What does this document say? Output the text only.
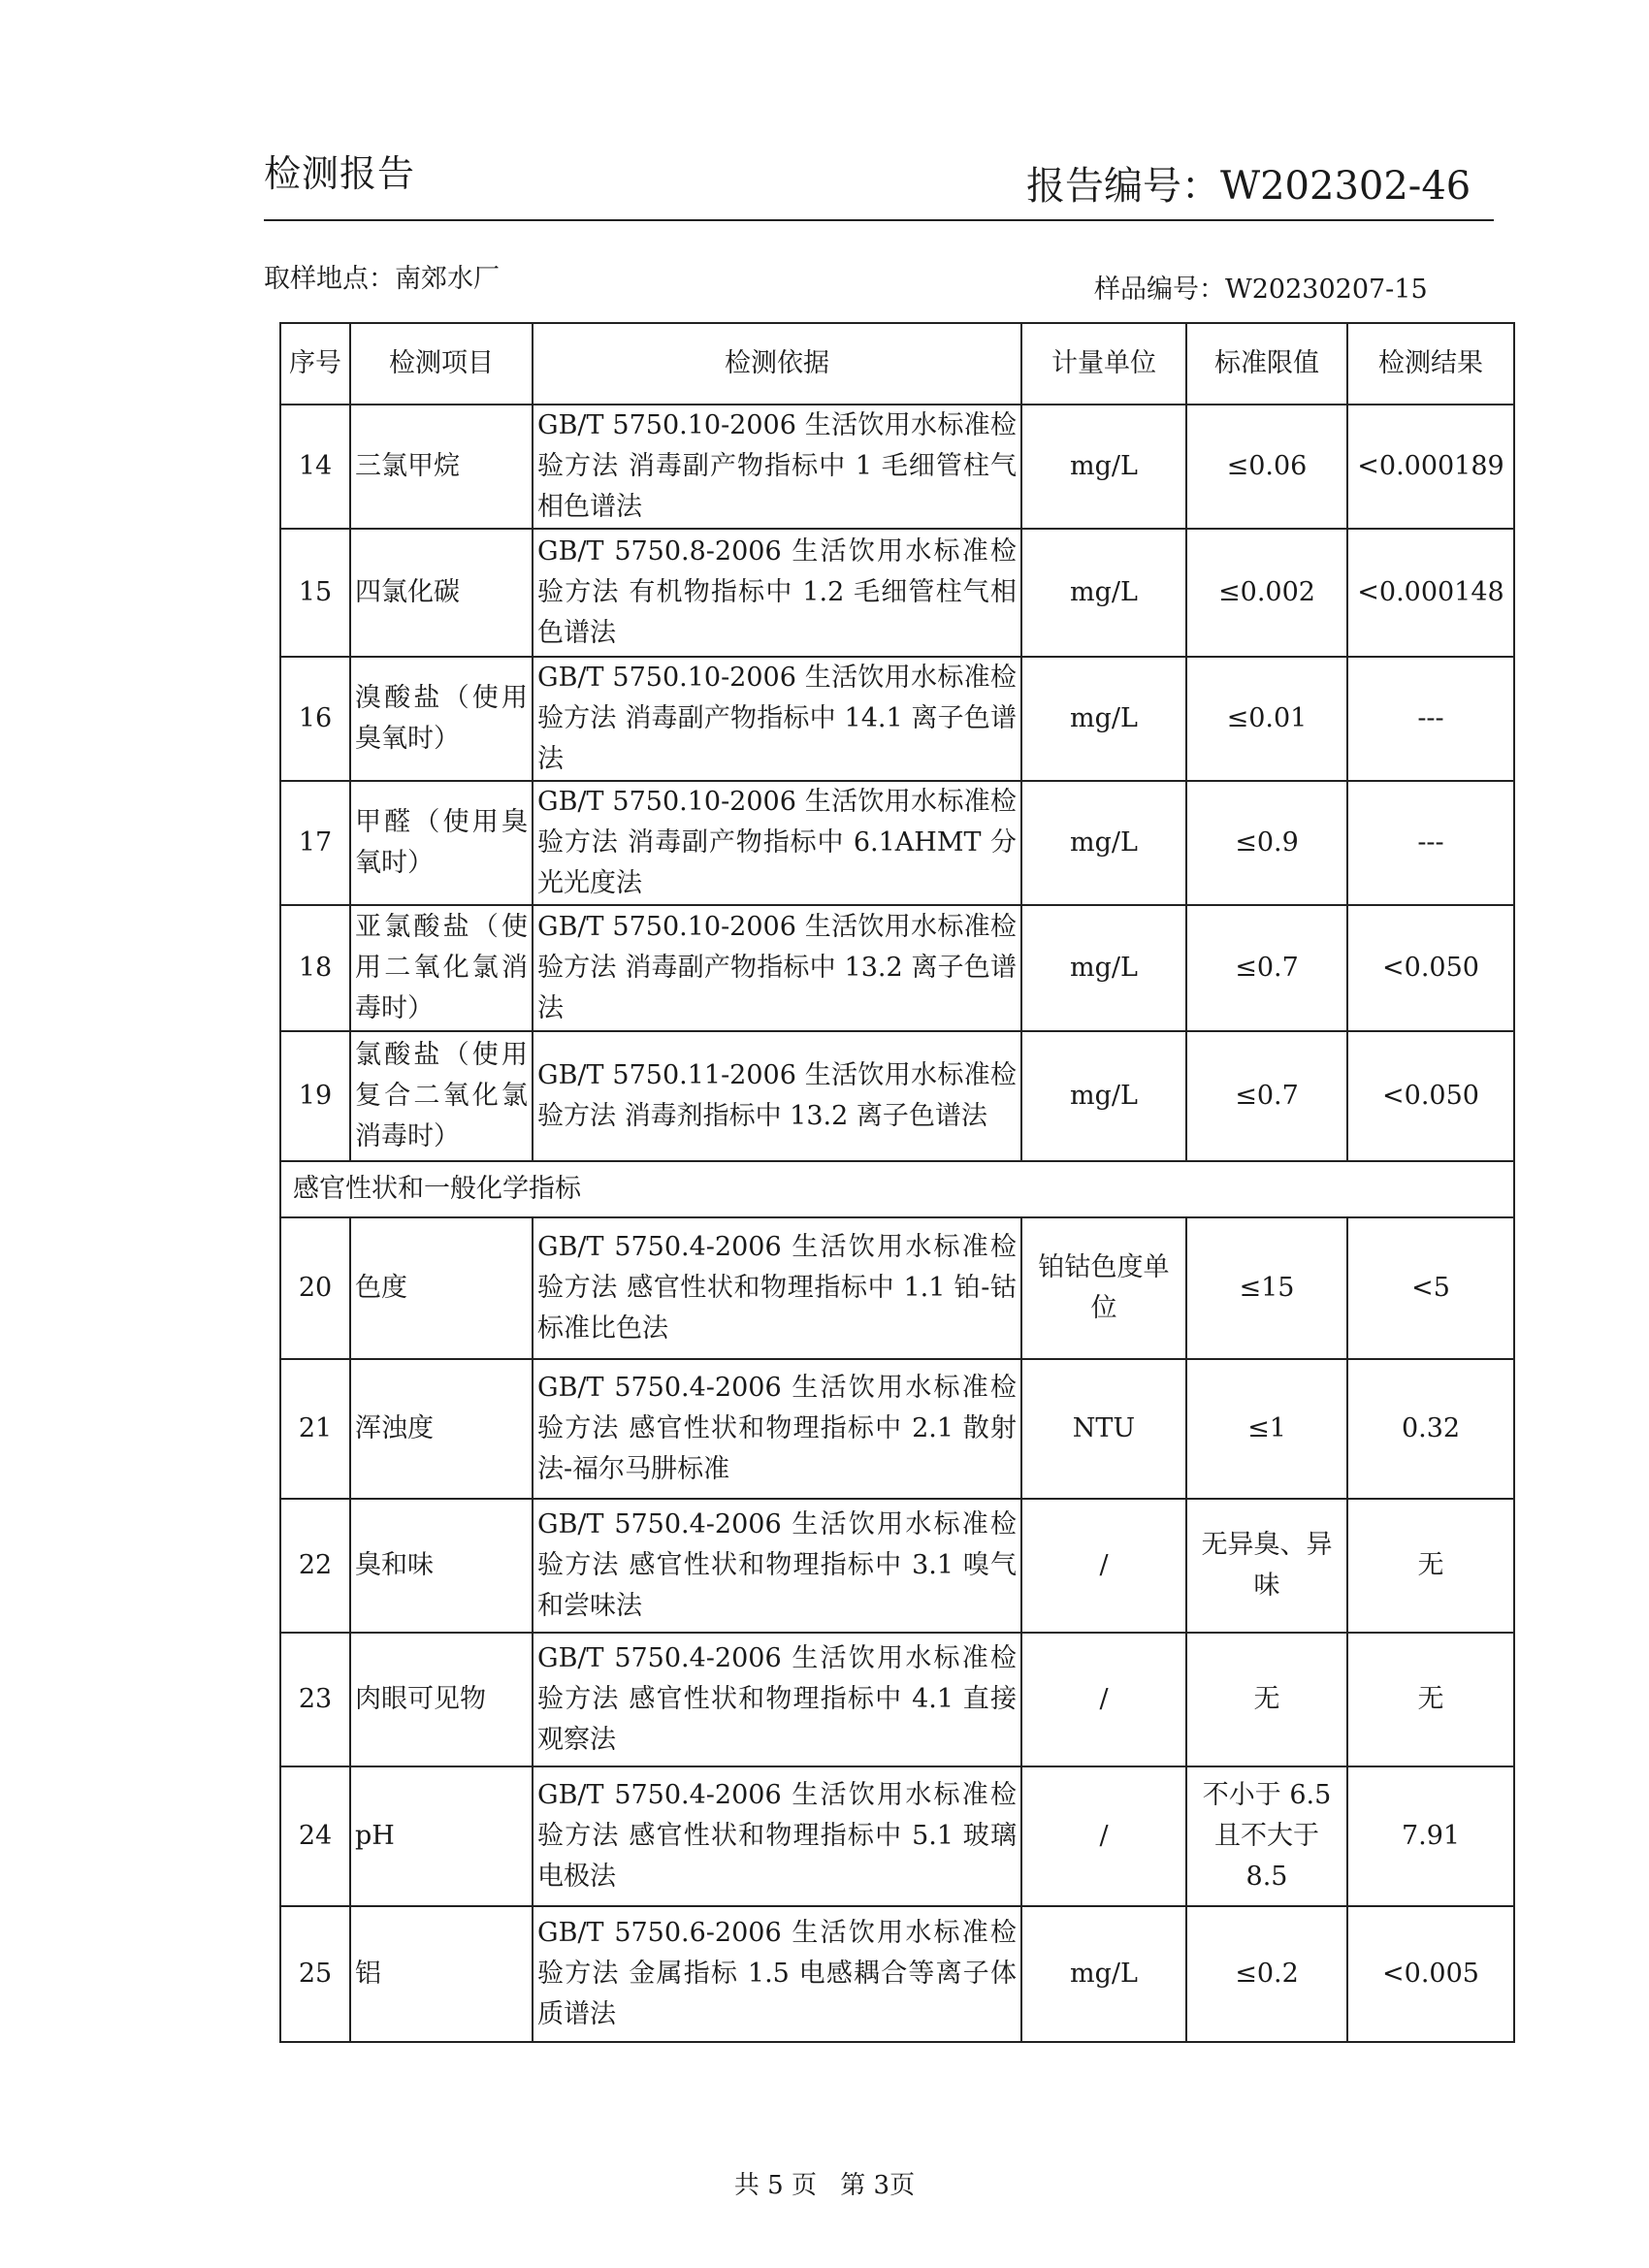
检测报告	报告编号：W202302-46
取样地点：南郊水厂	样品编号：W20230207-15
序号	检测项目	检测依据	计量单位	标准限值	检测结果
14	三氯甲烷	GB/T 5750.10-2006 生活饮用水标准检验方法 消毒副产物指标中 1 毛细管柱气相色谱法	mg/L	≤0.06	<0.000189
15	四氯化碳	GB/T 5750.8-2006 生活饮用水标准检验方法 有机物指标中 1.2 毛细管柱气相色谱法	mg/L	≤0.002	<0.000148
16	溴酸盐（使用臭氧时）	GB/T 5750.10-2006 生活饮用水标准检验方法 消毒副产物指标中 14.1 离子色谱法	mg/L	≤0.01	---
17	甲醛（使用臭氧时）	GB/T 5750.10-2006 生活饮用水标准检验方法 消毒副产物指标中 6.1AHMT 分光光度法	mg/L	≤0.9	---
18	亚氯酸盐（使用二氧化氯消毒时）	GB/T 5750.10-2006 生活饮用水标准检验方法 消毒副产物指标中 13.2 离子色谱法	mg/L	≤0.7	<0.050
19	氯酸盐（使用复合二氧化氯消毒时）	GB/T 5750.11-2006 生活饮用水标准检验方法 消毒剂指标中 13.2 离子色谱法	mg/L	≤0.7	<0.050
感官性状和一般化学指标					
20	色度	GB/T 5750.4-2006 生活饮用水标准检验方法 感官性状和物理指标中 1.1 铂-钴标准比色法	铂钴色度单位	≤15	<5
21	浑浊度	GB/T 5750.4-2006 生活饮用水标准检验方法 感官性状和物理指标中 2.1 散射法-福尔马肼标准	NTU	≤1	0.32
22	臭和味	GB/T 5750.4-2006 生活饮用水标准检验方法 感官性状和物理指标中 3.1 嗅气和尝味法	/	无异臭、异味	无
23	肉眼可见物	GB/T 5750.4-2006 生活饮用水标准检验方法 感官性状和物理指标中 4.1 直接观察法	/	无	无
24	pH	GB/T 5750.4-2006 生活饮用水标准检验方法 感官性状和物理指标中 5.1 玻璃电极法	/	不小于 6.5 且不大于 8.5	7.91
25	铝	GB/T 5750.6-2006 生活饮用水标准检验方法 金属指标 1.5 电感耦合等离子体质谱法	mg/L	≤0.2	<0.005
共 5 页 第 3页
